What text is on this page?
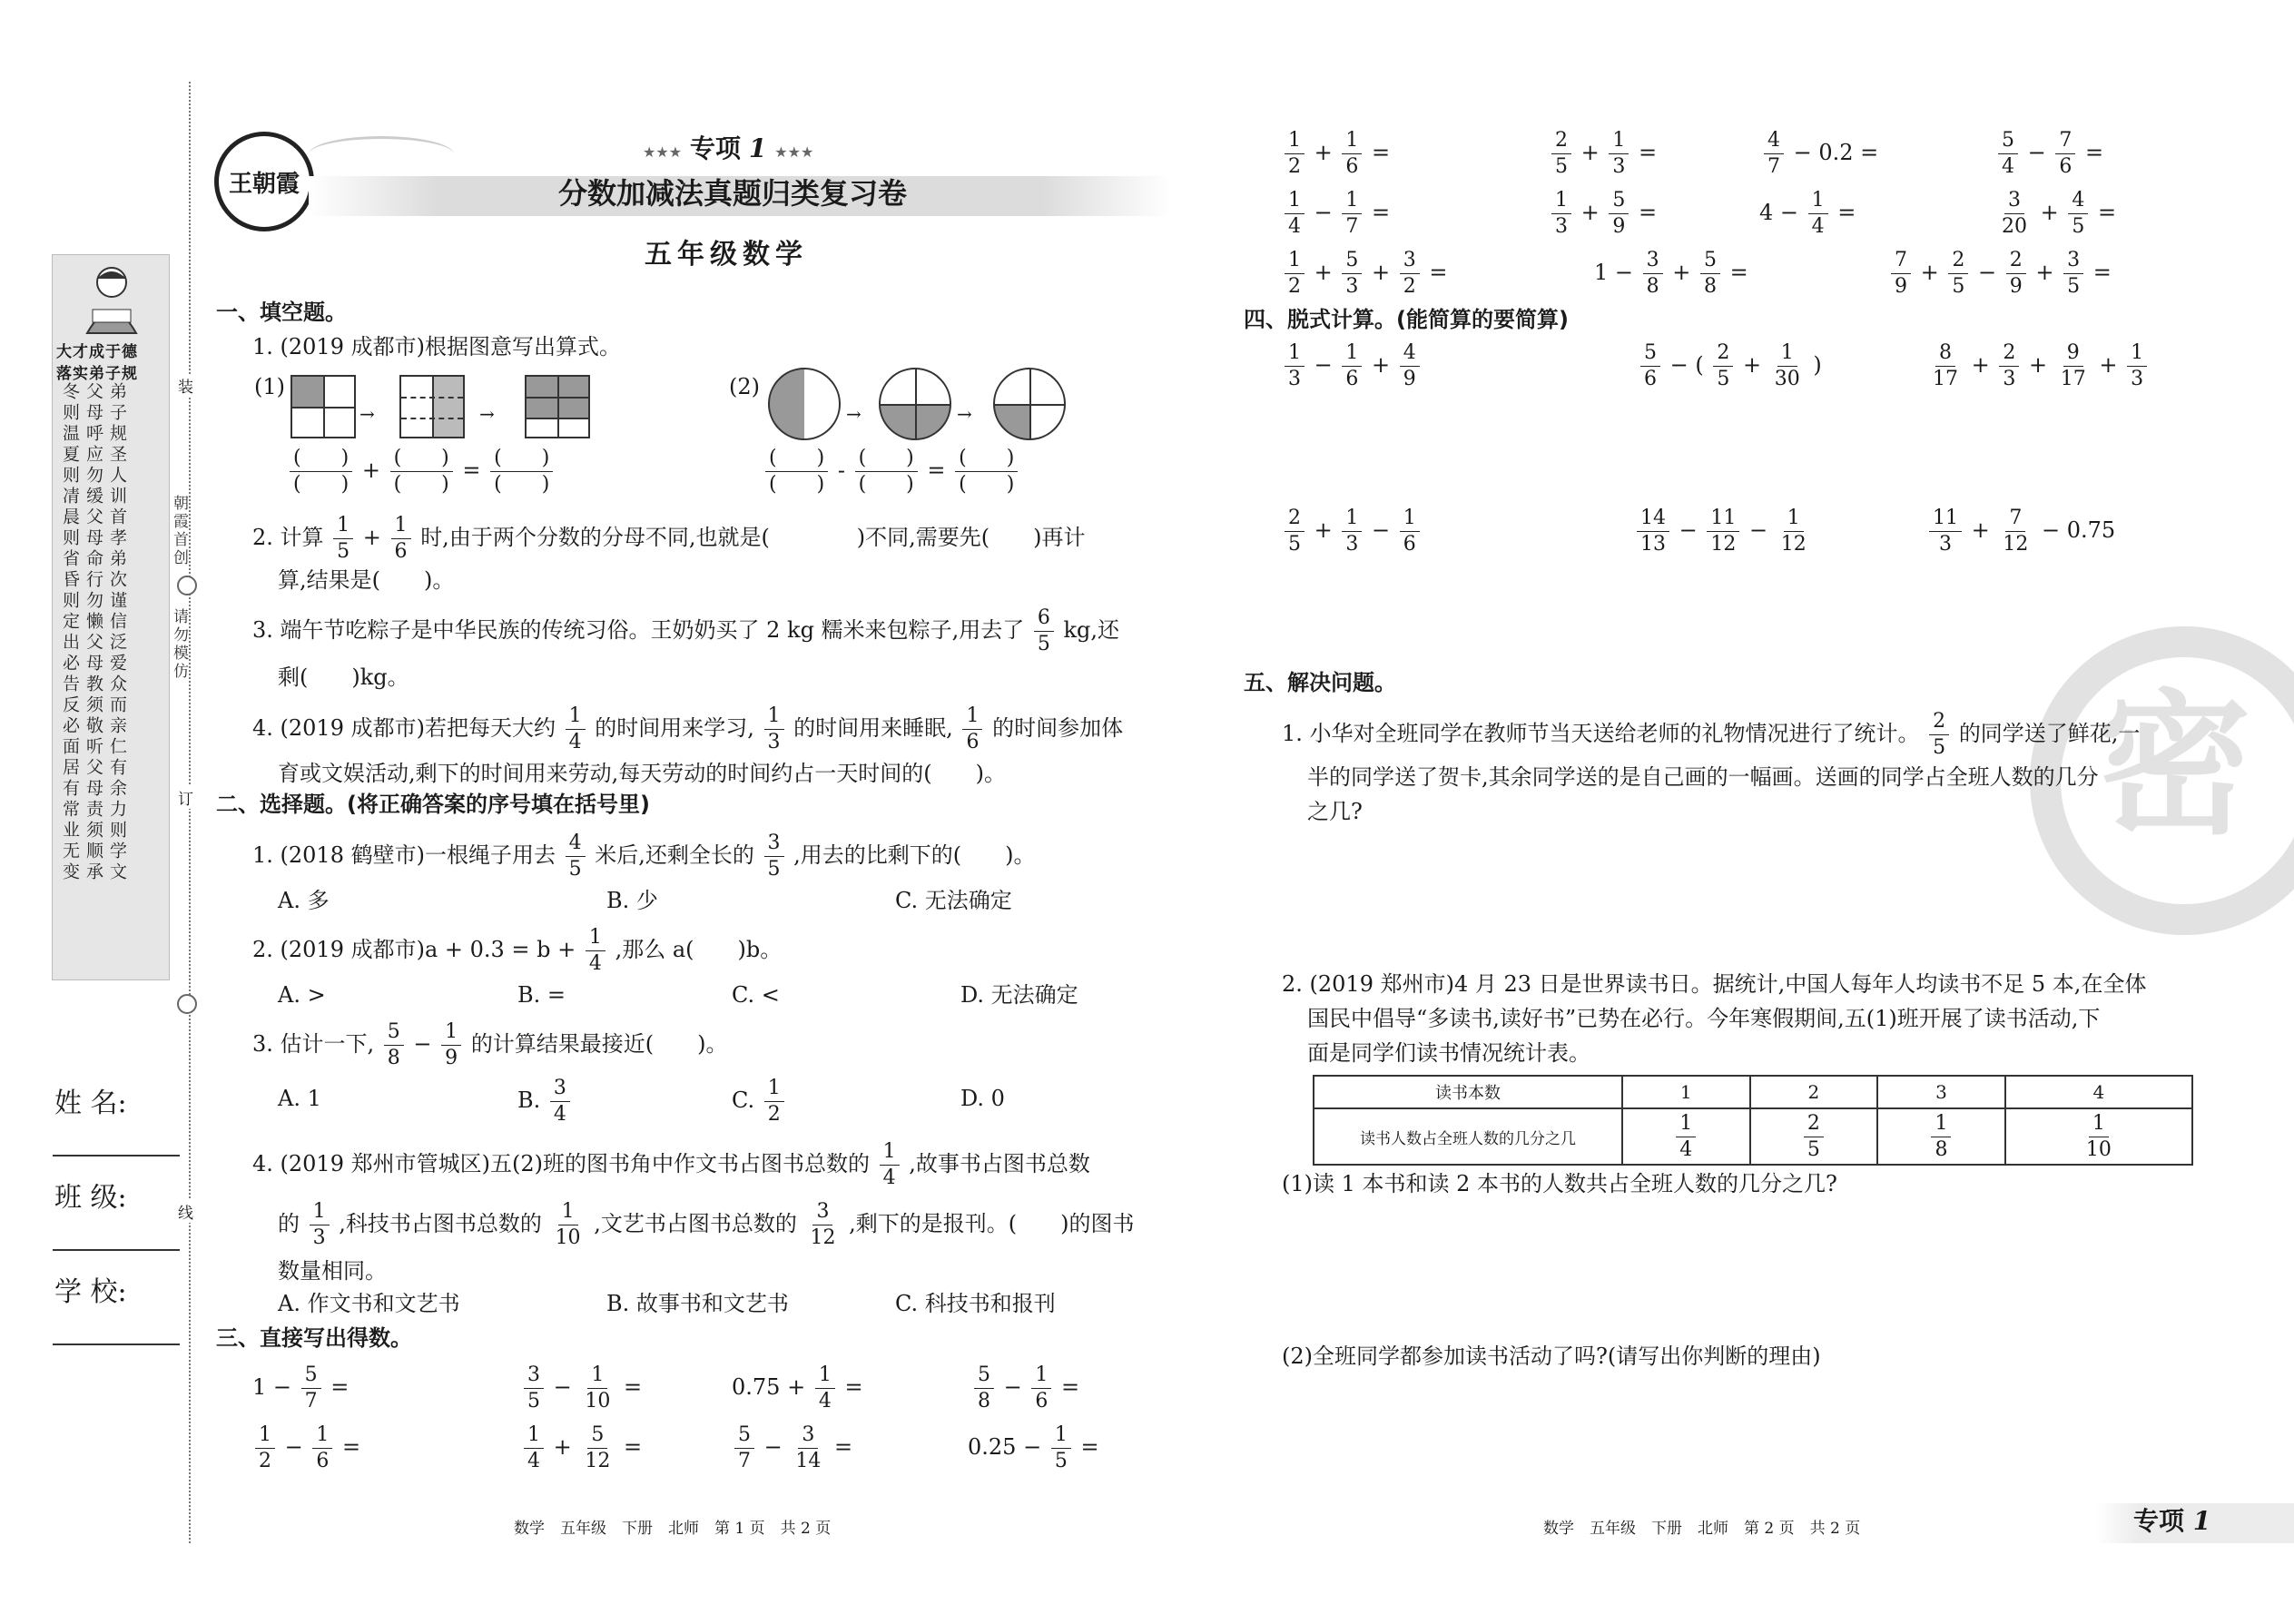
装
订
线
朝霞首创
请勿模仿
大才成于德
落实弟子规
冬则温夏则凊晨则省昏则定出必告反必面居有常业无变 父母呼应勿缓父母命行勿懒父母教须敬听父母责须顺承 弟子规圣人训首孝弟次谨信泛爱众而亲仁有余力则学文
姓 名:
班 级:
学 校:
王朝霞
★★★ 专项 1 ★★★
分数加减法真题归类复习卷
五年级数学
一、填空题。
1. (2019 成都市)根据图意写出算式。
(1)
→	→
$\frac{( )}{( )} + \frac{( )}{( )} = \frac{( )}{( )}$
(2)
→	→
$\frac{( )}{( )} - \frac{( )}{( )} = \frac{( )}{( )}$
2. 计算 $\frac{1}{5} + \frac{1}{6}$ 时,由于两个分数的分母不同,也就是(　　　　)不同,需要先(　　)再计
算,结果是(　　)。
3. 端午节吃粽子是中华民族的传统习俗。王奶奶买了 2 kg 糯米来包粽子,用去了 $\frac{6}{5}$ kg,还
剩(　　)kg。
4. (2019 成都市)若把每天大约 $\frac{1}{4}$ 的时间用来学习, $\frac{1}{3}$ 的时间用来睡眠, $\frac{1}{6}$ 的时间参加体
育或文娱活动,剩下的时间用来劳动,每天劳动的时间约占一天时间的(　　)。
二、选择题。(将正确答案的序号填在括号里)
1. (2018 鹤壁市)一根绳子用去 $\frac{4}{5}$ 米后,还剩全长的 $\frac{3}{5}$ ,用去的比剩下的(　　)。
A. 多	B. 少	C. 无法确定
2. (2019 成都市)$a + 0.3 = b + \frac{1}{4}$ ,那么 a(　　)b。
A. >	B. =	C. <	D. 无法确定
3. 估计一下, $\frac{5}{8} - \frac{1}{9}$ 的计算结果最接近(　　)。
A. 1	B. $\frac{3}{4}$	C. $\frac{1}{2}$	D. 0
4. (2019 郑州市管城区)五(2)班的图书角中作文书占图书总数的 $\frac{1}{4}$ ,故事书占图书总数
的 $\frac{1}{3}$ ,科技书占图书总数的 $\frac{1}{10}$ ,文艺书占图书总数的 $\frac{3}{12}$ ,剩下的是报刊。(　　)的图书
数量相同。
A. 作文书和文艺书	B. 故事书和文艺书	C. 科技书和报刊
三、直接写出得数。
$1 - \frac{5}{7}$ =	$\frac{3}{5} - \frac{1}{10}$ =	$0.75 + \frac{1}{4}$ =	$\frac{5}{8} - \frac{1}{6}$ =
$\frac{1}{2} - \frac{1}{6}$ =	$\frac{1}{4} + \frac{5}{12}$ =	$\frac{5}{7} - \frac{3}{14}$ =	$0.25 - \frac{1}{5}$ =
$\frac{1}{2} + \frac{1}{6}$ =	$\frac{2}{5} + \frac{1}{3}$ =	$\frac{4}{7} - 0.2$ =	$\frac{5}{4} - \frac{7}{6}$ =
$\frac{1}{4} - \frac{1}{7}$ =	$\frac{1}{3} + \frac{5}{9}$ =	$4 - \frac{1}{4}$ =	$\frac{3}{20} + \frac{4}{5}$ =
$\frac{1}{2} + \frac{5}{3} + \frac{3}{2}$ =	$1 - \frac{3}{8} + \frac{5}{8}$ =	$\frac{7}{9} + \frac{2}{5} - \frac{2}{9} + \frac{3}{5}$ =
四、脱式计算。(能简算的要简算)
$\frac{1}{3} - \frac{1}{6} + \frac{4}{9}$	$\frac{5}{6}$ − ( $\frac{2}{5} + \frac{1}{30}$ )	$\frac{8}{17} + \frac{2}{3} + \frac{9}{17} + \frac{1}{3}$
$\frac{2}{5} + \frac{1}{3} - \frac{1}{6}$	$\frac{14}{13} - \frac{11}{12} - \frac{1}{12}$	$\frac{11}{3} + \frac{7}{12} - 0.75$
密
五、解决问题。
1. 小华对全班同学在教师节当天送给老师的礼物情况进行了统计。 $\frac{2}{5}$ 的同学送了鲜花,一
半的同学送了贺卡,其余同学送的是自己画的一幅画。送画的同学占全班人数的几分
之几?
2. (2019 郑州市)4 月 23 日是世界读书日。据统计,中国人每年人均读书不足 5 本,在全体
国民中倡导“多读书,读好书”已势在必行。今年寒假期间,五(1)班开展了读书活动,下
面是同学们读书情况统计表。
读书本数	1	2	3	4
读书人数占全班人数的几分之几	$\frac{1}{4}$	$\frac{2}{5}$	$\frac{1}{8}$	$\frac{1}{10}$
(1)读 1 本书和读 2 本书的人数共占全班人数的几分之几?
(2)全班同学都参加读书活动了吗?(请写出你判断的理由)
数学　五年级　下册　北师　第 1 页　共 2 页	数学　五年级　下册　北师　第 2 页　共 2 页	专项 1
